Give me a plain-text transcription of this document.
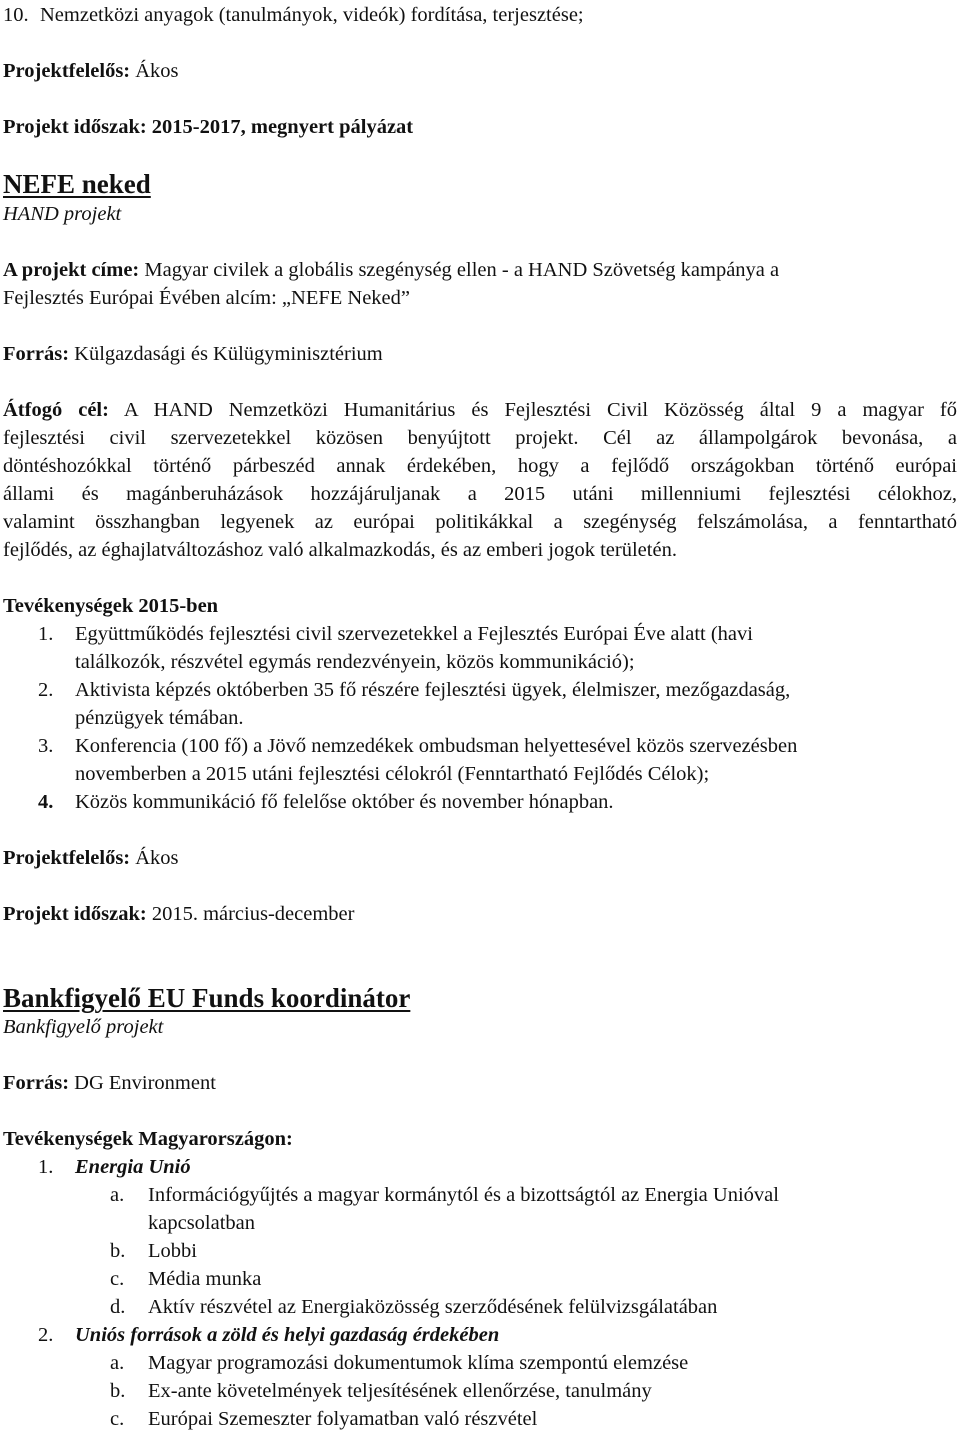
10. Nemzetközi anyagok (tanulmányok, videók) fordítása, terjesztése;
Projektfelelős: Ákos
Projekt időszak: 2015-2017, megnyert pályázat
NEFE neked
HAND projekt
A projekt címe: Magyar civilek a globális szegénység ellen - a HAND Szövetség kampánya a
Fejlesztés Európai Évében alcím: „NEFE Neked”
Forrás: Külgazdasági és Külügyminisztérium
Átfogó cél: A HAND Nemzetközi Humanitárius és Fejlesztési Civil Közösség által 9 a magyar fő
fejlesztési civil szervezetekkel közösen benyújtott projekt. Cél az állampolgárok bevonása, a
döntéshozókkal történő párbeszéd annak érdekében, hogy a fejlődő országokban történő európai
állami és magánberuházások hozzájáruljanak a 2015 utáni millenniumi fejlesztési célokhoz,
valamint összhangban legyenek az európai politikákkal a szegénység felszámolása, a fenntartható
fejlődés, az éghajlatváltozáshoz való alkalmazkodás, és az emberi jogok területén.
Tevékenységek 2015-ben
1. Együttműködés fejlesztési civil szervezetekkel a Fejlesztés Európai Éve alatt (havi
találkozók, részvétel egymás rendezvényein, közös kommunikáció);
2. Aktivista képzés októberben 35 fő részére fejlesztési ügyek, élelmiszer, mezőgazdaság,
pénzügyek témában.
3. Konferencia (100 fő) a Jövő nemzedékek ombudsman helyettesével közös szervezésben
novemberben a 2015 utáni fejlesztési célokról (Fenntartható Fejlődés Célok);
4. Közös kommunikáció fő felelőse október és november hónapban.
Projektfelelős: Ákos
Projekt időszak: 2015. március-december
Bankfigyelő EU Funds koordinátor
Bankfigyelő projekt
Forrás: DG Environment
Tevékenységek Magyarországon:
1. Energia Unió
a. Információgyűjtés a magyar kormánytól és a bizottságtól az Energia Unióval
kapcsolatban
b. Lobbi
c. Média munka
d. Aktív részvétel az Energiaközösség szerződésének felülvizsgálatában
2. Uniós források a zöld és helyi gazdaság érdekében
a. Magyar programozási dokumentumok klíma szempontú elemzése
b. Ex-ante követelmények teljesítésének ellenőrzése, tanulmány
c. Európai Szemeszter folyamatban való részvétel
